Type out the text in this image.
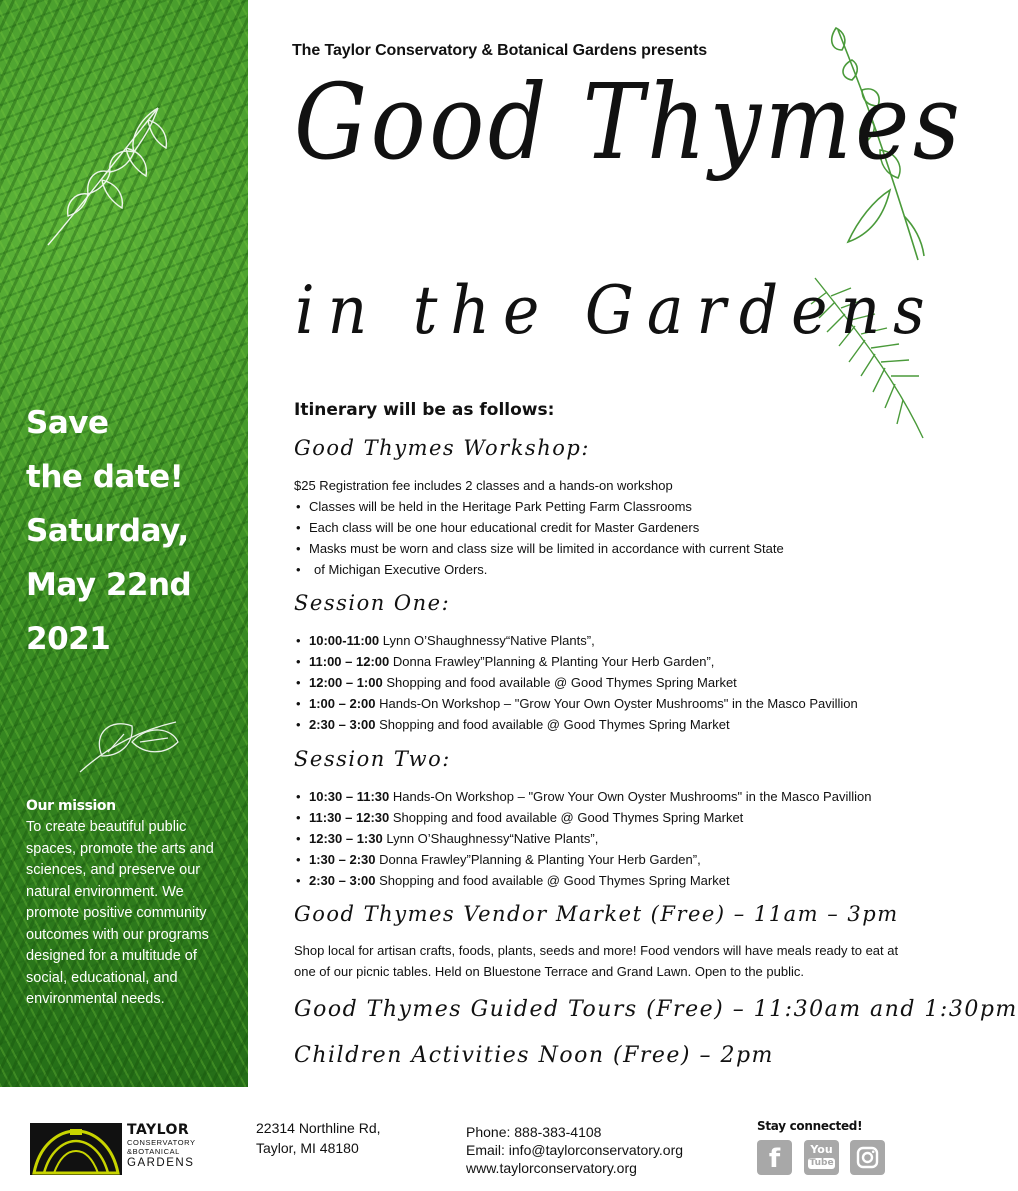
Save
the date!
Saturday,
May 22nd
2021
Our mission
To create beautiful public spaces, promote the arts and sciences, and preserve our natural environment. We promote positive community outcomes with our programs designed for a multitude of social, educational, and environmental needs.
The Taylor Conservatory & Botanical Gardens presents
Good Thymes
in the Gardens
Itinerary will be as follows:
Good Thymes Workshop:
$25 Registration fee includes 2 classes and a hands-on workshop
• Classes will be held in the Heritage Park Petting Farm Classrooms
• Each class will be one hour educational credit for Master Gardeners
• Masks must be worn and class size will be limited in accordance with current State
• of Michigan Executive Orders.
Session One:
• 10:00-11:00 Lynn O’Shaughnessy“Native Plants”,
• 11:00 – 12:00 Donna Frawley”Planning & Planting Your Herb Garden”,
• 12:00 – 1:00 Shopping and food available @ Good Thymes Spring Market
• 1:00 – 2:00 Hands-On Workshop – "Grow Your Own Oyster Mushrooms" in the Masco Pavillion
• 2:30 – 3:00 Shopping and food available @ Good Thymes Spring Market
Session Two:
• 10:30 – 11:30 Hands-On Workshop – "Grow Your Own Oyster Mushrooms" in the Masco Pavillion
• 11:30 – 12:30 Shopping and food available @ Good Thymes Spring Market
• 12:30 – 1:30 Lynn O’Shaughnessy“Native Plants”,
• 1:30 – 2:30 Donna Frawley”Planning & Planting Your Herb Garden”,
• 2:30 – 3:00 Shopping and food available @ Good Thymes Spring Market
Good Thymes Vendor Market (Free) – 11am – 3pm
Shop local for artisan crafts, foods, plants, seeds and more! Food vendors will have meals ready to eat at one of our picnic tables. Held on Bluestone Terrace and Grand Lawn. Open to the public.
Good Thymes Guided Tours (Free) – 11:30am and 1:30pm
Children Activities Noon (Free) – 2pm
TAYLOR
CONSERVATORY
&BOTANICAL
GARDENS
22314 Northline Rd,
Taylor, MI 48180
Phone: 888-383-4108
Email: info@taylorconservatory.org
www.taylorconservatory.org
Stay connected!
f	You
Tube
